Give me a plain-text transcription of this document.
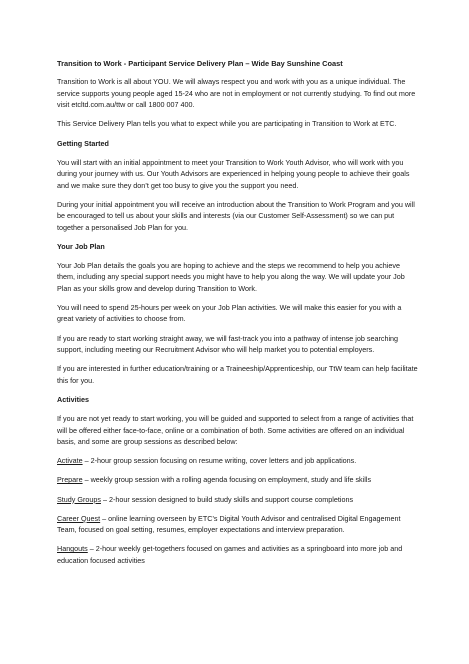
Transition to Work - Participant Service Delivery Plan – Wide Bay Sunshine Coast

Transition to Work is all about YOU. We will always respect you and work with you as a unique individual. The service supports young people aged 15-24 who are not in employment or not currently studying. To find out more visit etcltd.com.au/ttw or call 1800 007 400.

This Service Delivery Plan tells you what to expect while you are participating in Transition to Work at ETC.

Getting Started

You will start with an initial appointment to meet your Transition to Work Youth Advisor, who will work with you during your journey with us. Our Youth Advisors are experienced in helping young people to achieve their goals and we make sure they don’t get too busy to give you the support you need.

During your initial appointment you will receive an introduction about the Transition to Work Program and you will be encouraged to tell us about your skills and interests (via our Customer Self-Assessment) so we can put together a personalised Job Plan for you.

Your Job Plan

Your Job Plan details the goals you are hoping to achieve and the steps we recommend to help you achieve them, including any special support needs you might have to help you along the way. We will update your Job Plan as your skills grow and develop during Transition to Work.

You will need to spend 25-hours per week on your Job Plan activities. We will make this easier for you with a great variety of activities to choose from.

If you are ready to start working straight away, we will fast-track you into a pathway of intense job searching support, including meeting our Recruitment Advisor who will help market you to potential employers.

If you are interested in further education/training or a Traineeship/Apprenticeship, our TtW team can help facilitate this for you.

Activities

If you are not yet ready to start working, you will be guided and supported to select from a range of activities that will be offered either face-to-face, online or a combination of both. Some activities are offered on an individual basis, and some are group sessions as described below:

Activate – 2-hour group session focusing on resume writing, cover letters and job applications.

Prepare – weekly group session with a rolling agenda focusing on employment, study and life skills

Study Groups – 2-hour session designed to build study skills and support course completions

Career Quest – online learning overseen by ETC’s Digital Youth Advisor and centralised Digital Engagement Team, focused on goal setting, resumes, employer expectations and interview preparation.

Hangouts – 2-hour weekly get-togethers focused on games and activities as a springboard into more job and education focused activities
